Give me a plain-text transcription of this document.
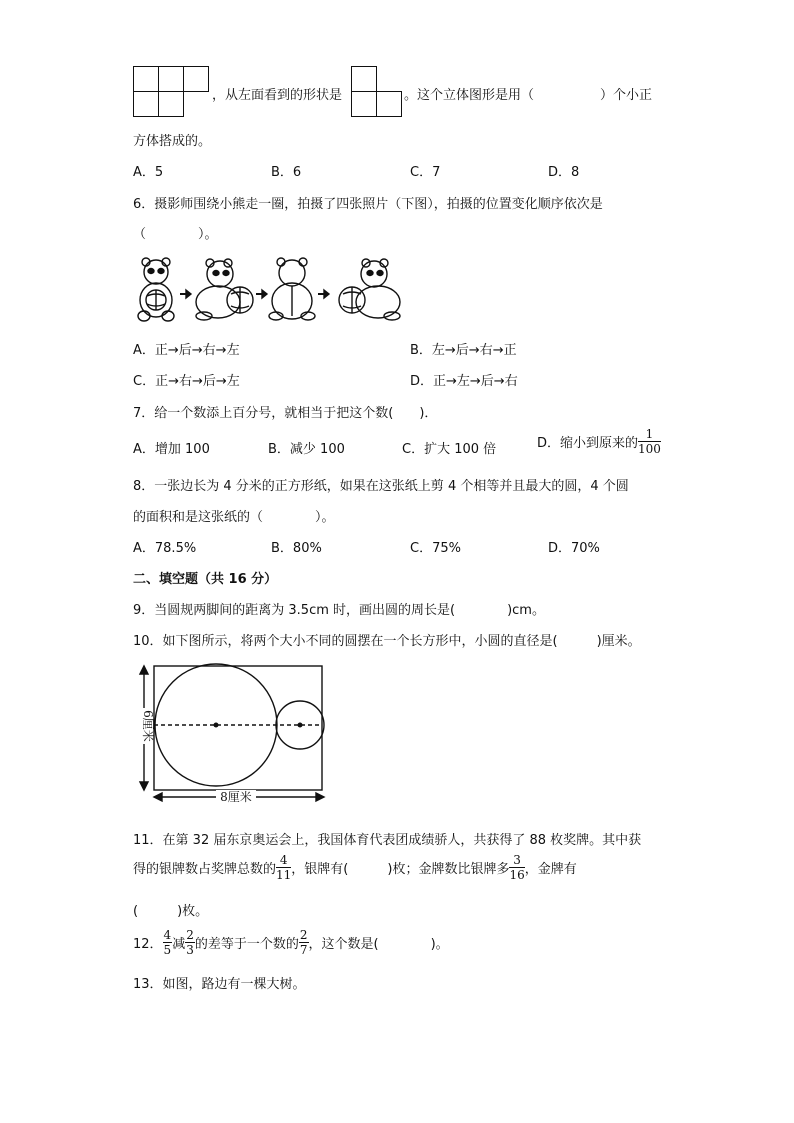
，从左面看到的形状是

		。这个立体图形是用（	）个小正
方体搭成的。
A．5	B．6	C．7	D．8
6．摄影师围绕小熊走一圈，拍摄了四张照片（下图），拍摄的位置变化顺序依次是
（　　　　）。
A．正→后→右→左	B．左→后→右→正
C．正→右→后→左	D．正→左→后→右
7．给一个数添上百分号，就相当于把这个数(　　)．
A．增加 100	B．减少 100	C．扩大 100 倍	D．缩小到原来的 $\frac{1}{100}$
8．一张边长为 4 分米的正方形纸，如果在这张纸上剪 4 个相等并且最大的圆，4 个圆
的面积和是这张纸的（　　　　）。
A．78.5%	B．80%	C．75%	D．70%
二、填空题（共 16 分）
9．当圆规两脚间的距离为 3.5cm 时，画出圆的周长是(　　　　)cm。
10．如下图所示，将两个大小不同的圆摆在一个长方形中，小圆的直径是(　　　)厘米。
6厘米
8厘米
11．在第 32 届东京奥运会上，我国体育代表团成绩骄人，共获得了 88 枚奖牌。其中获
得的银牌数占奖牌总数的 $\frac{4}{11}$ ，银牌有(　　　)枚；金牌数比银牌多 $\frac{3}{16}$ ，金牌有
(　　　)枚。
12． $\frac{4}{5}$ 减 $\frac{2}{3}$ 的差等于一个数的 $\frac{2}{7}$ ，这个数是(　　　　)。
13．如图，路边有一棵大树。
